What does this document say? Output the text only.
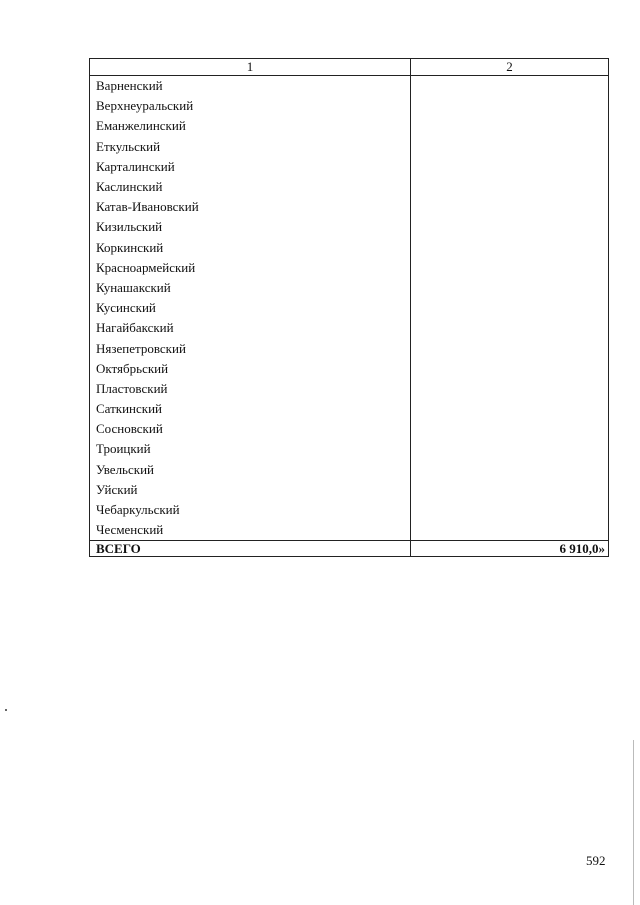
1	2
Варненский	
Верхнеуральский	
Еманжелинский	
Еткульский	
Карталинский	
Каслинский	
Катав-Ивановский	
Кизильский	
Коркинский	
Красноармейский	
Кунашакский	
Кусинский	
Нагайбакский	
Нязепетровский	
Октябрьский	
Пластовский	
Саткинский	
Сосновский	
Троицкий	
Увельский	
Уйский	
Чебаркульский	
Чесменский	
ВСЕГО	6 910,0»
592
